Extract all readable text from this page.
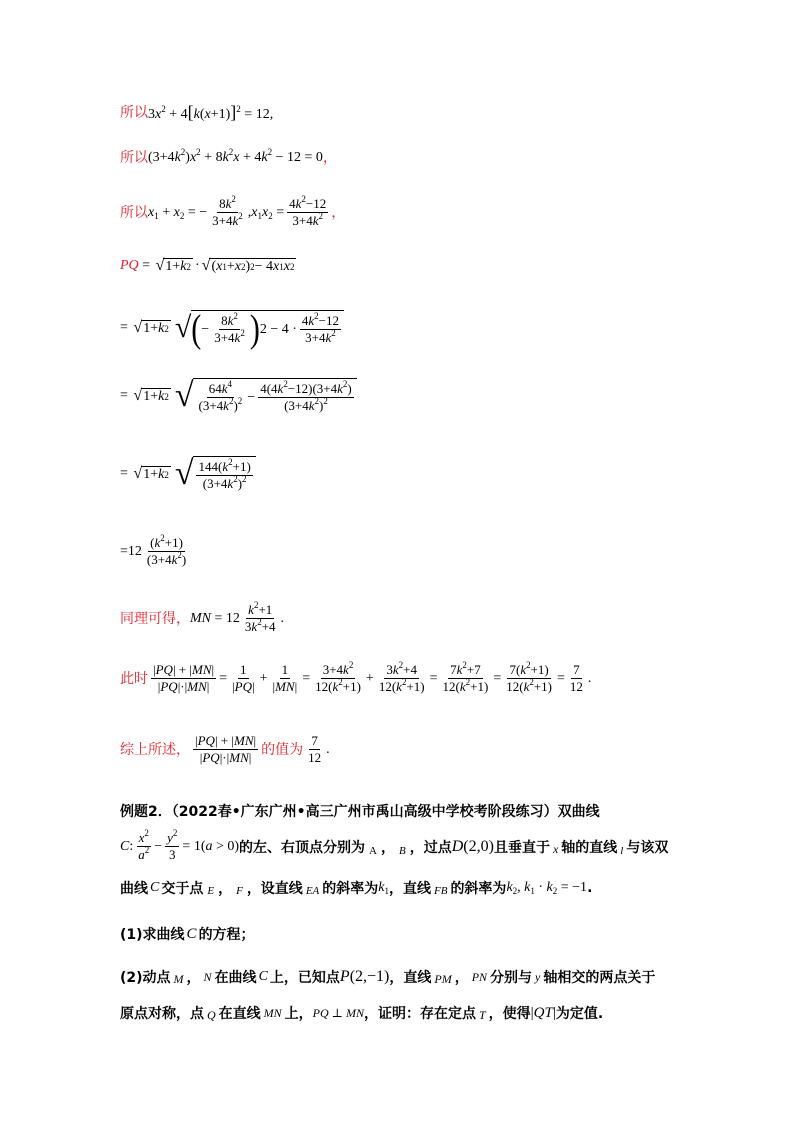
所以 $3x^2 + 4[k(x+1)]^2 = 12$,
所以 $(3+4k^2)x^2 + 8k^2x + 4k^2 - 12 = 0$ ，
所以 $x_1 + x_2$ = − $\frac{8k^2}{3+4k^2} ,x_1x_2 = \frac{4k^2-12}{3+4k^2}$ ，
PQ = √ 1+ k 2 · √ ( x 1 + x 2 ) 2 − 4 x 1 x 2
= √ 1+ k 2 √ ( − $\frac{8k^2}{3+4k^2}$ ) $2 - 4 \cdot \frac{4k^2-12}{3+4k^2}$
= √ 1+ k 2 √ $\frac{64k^4}{(3+4k^2)^2} - \frac{4(4k^2-12)(3+4k^2)}{(3+4k^2)^2}$
= √ 1+ k 2 √ $\frac{144(k^2+1)}{(3+4k^2)^2}$
$=12 \frac{(k^2+1)}{(3+4k^2)}$
同理可得， MN = $12 \frac{k^2+1}{3k^2+4}$ .
此时 $\frac{|PQ| + |MN|}{|PQ|\cdot|MN|} = \frac{1}{|PQ|} + \frac{1}{|MN|} = \frac{3+4k^2}{12(k^2+1)} + \frac{3k^2+4}{12(k^2+1)} = \frac{7k^2+7}{12(k^2+1)} = \frac{7(k^2+1)}{12(k^2+1)} = \frac{7}{12}$ .
综上所述， $\frac{|PQ| + |MN|}{|PQ|\cdot|MN|}$ 的值为 $\frac{7}{12}$ .
例题2．（2022春•广东广州•高三广州市禹山高级中学校考阶段练习）双曲线
C: $\frac{x^2}{a^2} - \frac{y^2}{3} = 1(a > 0)$ 的左、右顶点分别为 A ， B ，过点 D(2,0) 且垂直于 x 轴的直线 l 与该双
曲线 C 交于点 E ， F ，设直线 EA 的斜率为 $k_1$ ，直线 FB 的斜率为 $k_2$, $k_1 \cdot k_2 = -1$ .
(1)求曲线 C 的方程；
(2)动点 M ， N 在曲线 C 上，已知点 P(2,−1) ，直线 PM ， PN 分别与 y 轴相交的两点关于
原点对称，点 Q 在直线 MN 上， PQ ⊥ MN ，证明：存在定点 T ，使得 |QT| 为定值.
